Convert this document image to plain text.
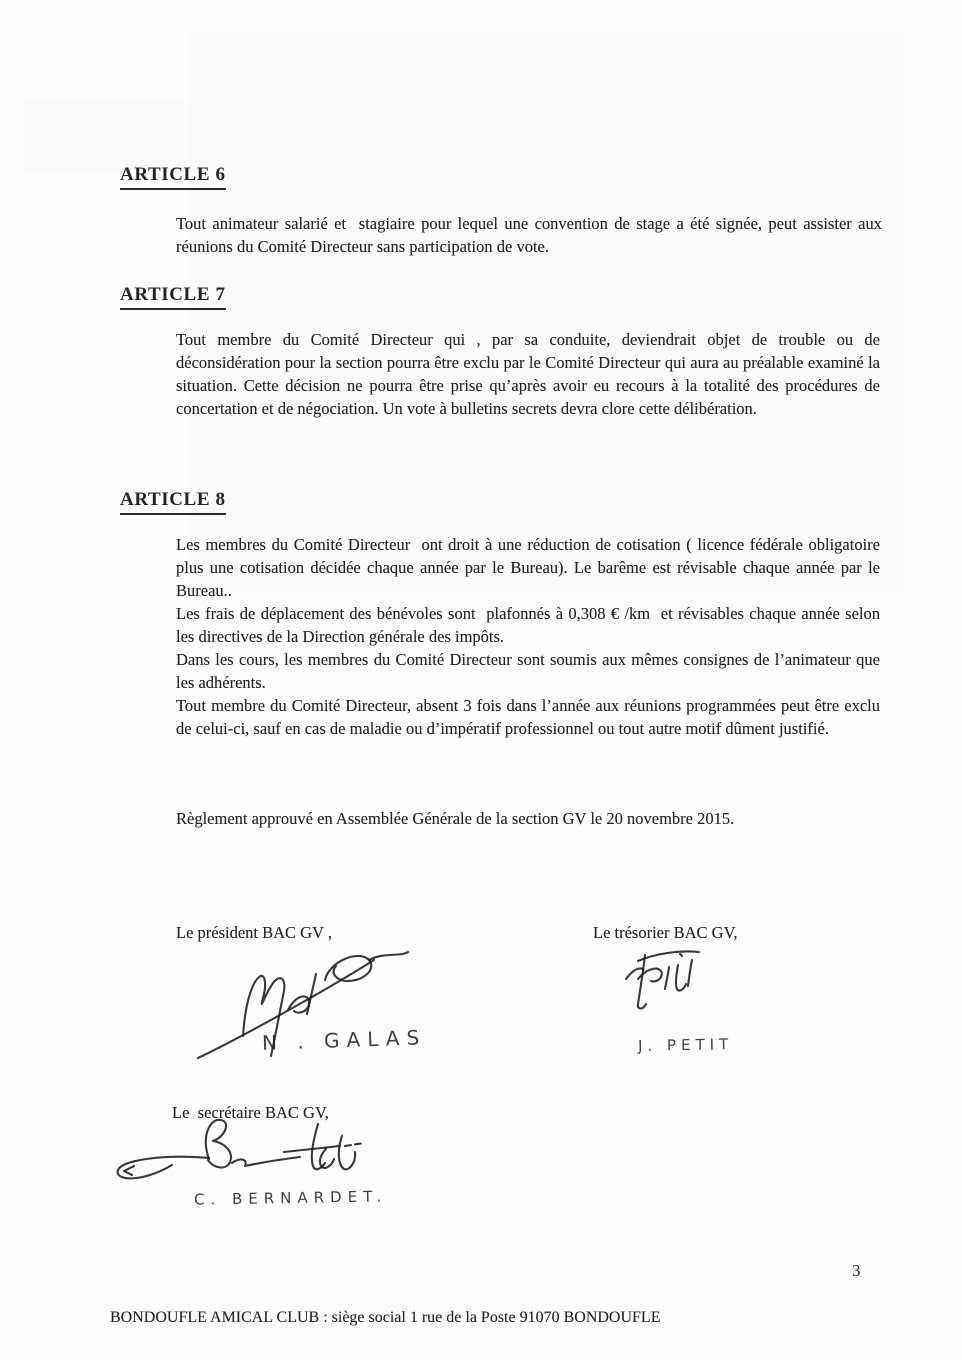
ARTICLE 6

Tout animateur salarié et  stagiaire pour lequel une convention de stage a été signée, peut assister aux réunions du Comité Directeur sans participation de vote.

ARTICLE 7

Tout membre du Comité Directeur qui , par sa conduite, deviendrait objet de trouble ou de déconsidération pour la section pourra être exclu par le Comité Directeur qui aura au préalable examiné la situation. Cette décision ne pourra être prise qu’après avoir eu recours à la totalité des procédures de concertation et de négociation. Un vote à bulletins secrets devra clore cette délibération.

ARTICLE 8

Les membres du Comité Directeur  ont droit à une réduction de cotisation ( licence fédérale obligatoire plus une cotisation décidée chaque année par le Bureau). Le barême est révisable chaque année par le Bureau..

Les frais de déplacement des bénévoles sont  plafonnés à 0,308 € /km  et révisables chaque année selon les directives de la Direction générale des impôts.

Dans les cours, les membres du Comité Directeur sont soumis aux mêmes consignes de l’animateur que les adhérents.

Tout membre du Comité Directeur, absent 3 fois dans l’année aux réunions programmées peut être exclu de celui-ci, sauf en cas de maladie ou d’impératif professionnel ou tout autre motif dûment justifié.

Règlement approuvé en Assemblée Générale de la section GV le 20 novembre 2015.

Le président BAC GV ,	Le trésorier BAC GV,

Le  secrétaire BAC GV,

N . GALAS	J. PETIT
C. BERNARDET.
3
BONDOUFLE AMICAL CLUB : siège social 1 rue de la Poste 91070 BONDOUFLE
